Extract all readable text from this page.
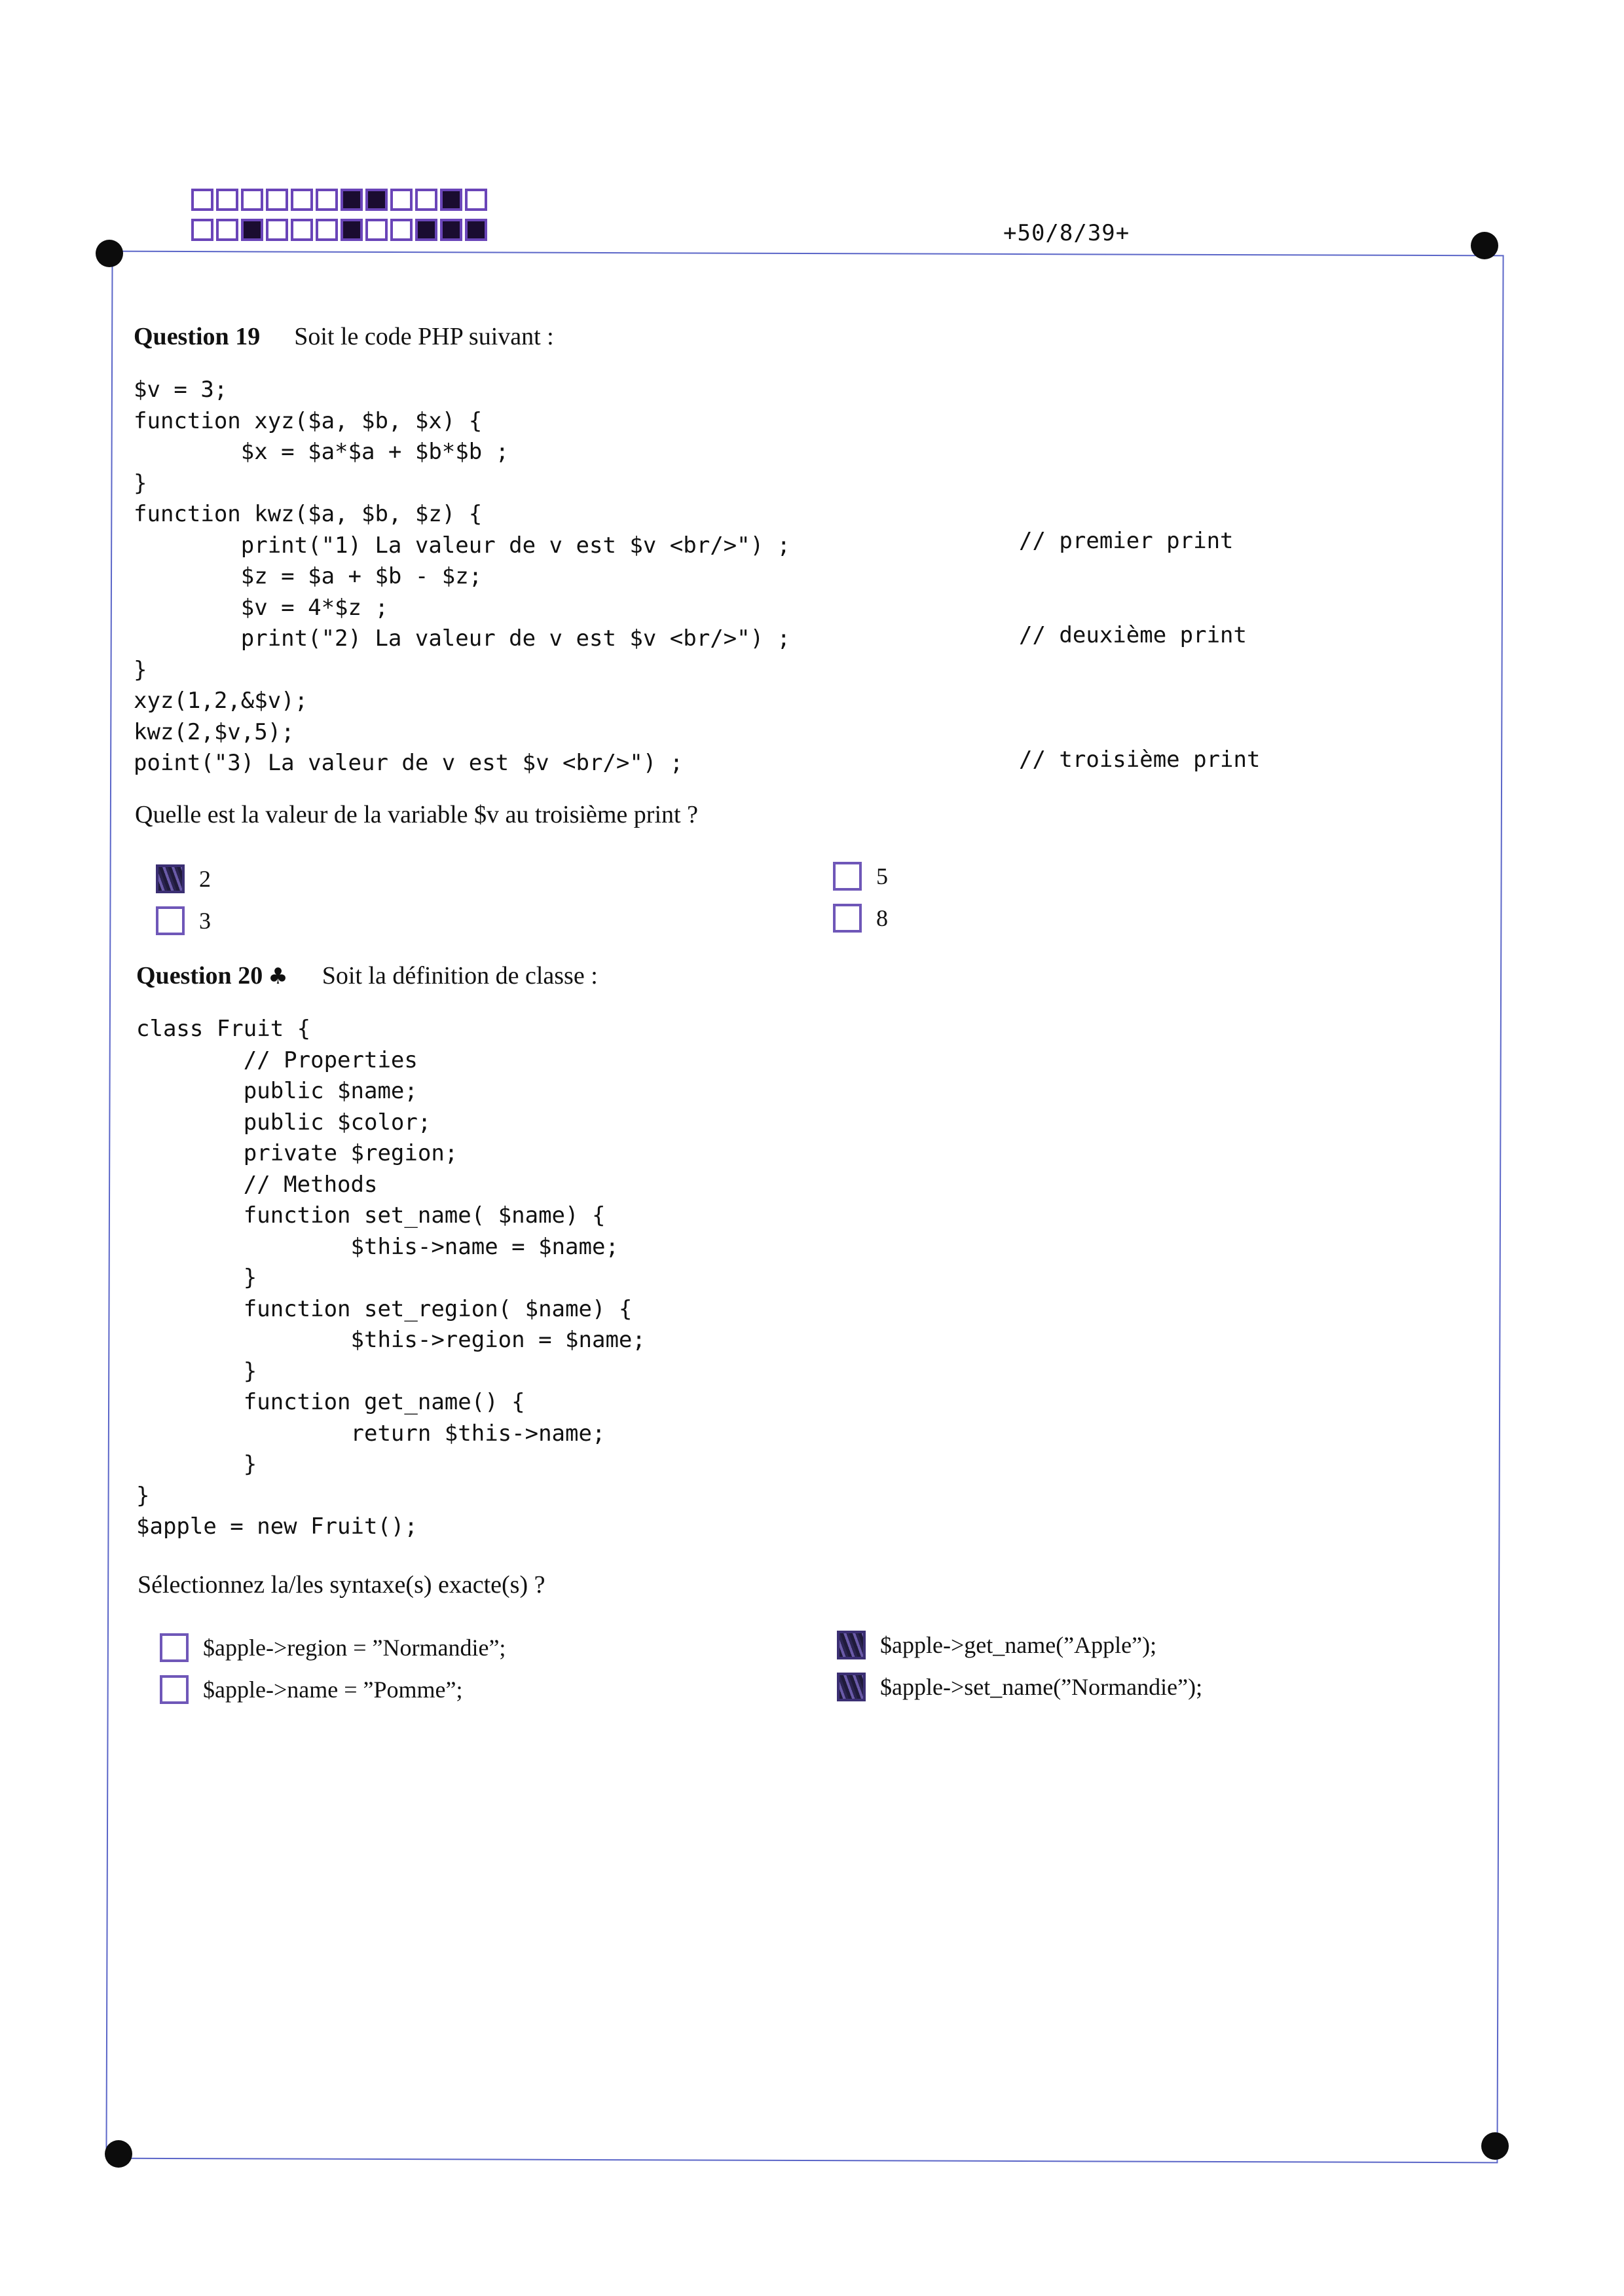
+50/8/39+
Question 19 Soit le code PHP suivant :
$v = 3;
function xyz($a, $b, $x) {
$x = $a*$a + $b*$b ;
}
function kwz($a, $b, $z) {
print("1) La valeur de v est $v <br/>") ;
$z = $a + $b - $z;
$v = 4*$z ;
print("2) La valeur de v est $v <br/>") ;
}
xyz(1,2,&$v);
kwz(2,$v,5);
point("3) La valeur de v est $v <br/>") ;
// premier print
// deuxième print
// troisième print
Quelle est la valeur de la variable $v au troisième print ?
2
3
5
8
Question 20 ♣ Soit la définition de classe :
class Fruit {
// Properties
public $name;
public $color;
private $region;
// Methods
function set_name( $name) {
$this->name = $name;
}
function set_region( $name) {
$this->region = $name;
}
function get_name() {
return $this->name;
}
}
$apple = new Fruit();
Sélectionnez la/les syntaxe(s) exacte(s) ?
$apple->region = ”Normandie”;
$apple->name = ”Pomme”;
$apple->get_name(”Apple”);
$apple->set_name(”Normandie”);
